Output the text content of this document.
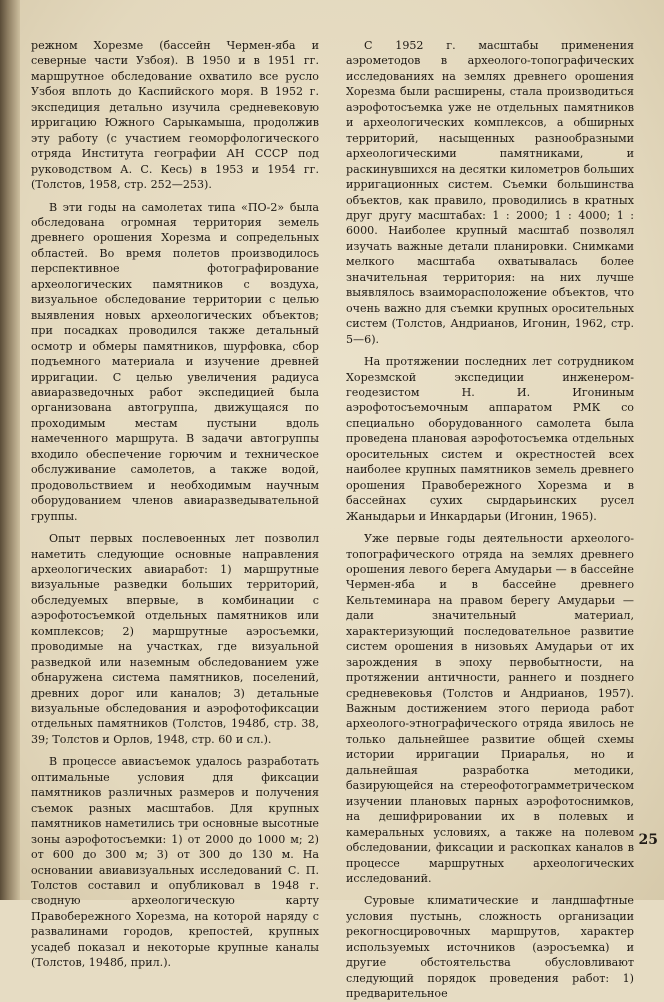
режном Хорезме (бассейн Чермен-яба и северные части Узбоя). В 1950 и в 1951 гг. маршрутное обследование охватило все русло Узбоя вплоть до Каспийского моря. В 1952 г. экспедиция детально изучила средневековую ирригацию Южного Сарыкамыша, продолжив эту работу (с участием геоморфологического отряда Института географии АН СССР под руководством А. С. Кесь) в 1953 и 1954 гг. (Толстов, 1958, стр. 252—253).

В эти годы на самолетах типа «ПО-2» была обследована огромная территория земель древнего орошения Хорезма и сопредельных областей. Во время полетов производилось перспективное фотографирование археологических памятников с воздуха, визуальное обследование территории с целью выявления новых археологических объектов; при посадках проводился также детальный осмотр и обмеры памятников, шурфовка, сбор подъемного материала и изучение древней ирригации. С целью увеличения радиуса авиаразведочных работ экспедицией была организована автогруппа, движущаяся по проходимым местам пустыни вдоль намеченного маршрута. В задачи автогруппы входило обеспечение горючим и техническое обслуживание самолетов, а также водой, продовольствием и необходимым научным оборудованием членов авиаразведывательной группы.

Опыт первых послевоенных лет позволил наметить следующие основные направления археологических авиаработ: 1) маршрутные визуальные разведки больших территорий, обследуемых впервые, в комбинации с аэрофотосъемкой отдельных памятников или комплексов; 2) маршрутные аэросъемки, проводимые на участках, где визуальной разведкой или наземным обследованием уже обнаружена система памятников, поселений, древних дорог или каналов; 3) детальные визуальные обследования и аэрофотофиксации отдельных памятников (Толстов, 1948б, стр. 38, 39; Толстов и Орлов, 1948, стр. 60 и сл.).

В процессе авиасъемок удалось разработать оптимальные условия для фиксации памятников различных размеров и получения съемок разных масштабов. Для крупных памятников наметились три основные высотные зоны аэрофотосъемки: 1) от 2000 до 1000 м; 2) от 600 до 300 м; 3) от 300 до 130 м. На основании авиавизуальных исследований С. П. Толстов составил и опубликовал в 1948 г. сводную археологическую карту Правобережного Хорезма, на которой наряду с развалинами городов, крепостей, крупных усадеб показал и некоторые крупные каналы (Толстов, 1948б, прил.).

С 1952 г. масштабы применения аэрометодов в археолого-топографических исследованиях на землях древнего орошения Хорезма были расширены, стала производиться аэрофотосъемка уже не отдельных памятников и археологических комплексов, а обширных территорий, насыщенных разнообразными археологическими памятниками, и раскинувшихся на десятки километров больших ирригационных систем. Съемки большинства объектов, как правило, проводились в кратных друг другу масштабах: 1 : 2000; 1 : 4000; 1 : 6000. Наиболее крупный масштаб позволял изучать важные детали планировки. Снимками мелкого масштаба охватывалась более значительная территория: на них лучше выявлялось взаиморасположение объектов, что очень важно для съемки крупных оросительных систем (Толстов, Андрианов, Игонин, 1962, стр. 5—6).

На протяжении последних лет сотрудником Хорезмской экспедиции инженером-геодезистом Н. И. Игониным аэрофотосъемочным аппаратом РМК со специально оборудованного самолета была проведена плановая аэрофотосъемка отдельных оросительных систем и окрестностей всех наиболее крупных памятников земель древнего орошения Правобережного Хорезма и в бассейнах сухих сырдарьинских русел Жаныдарьи и Инкардарьи (Игонин, 1965).

Уже первые годы деятельности археолого-топографического отряда на землях древнего орошения левого берега Амударьи — в бассейне Чермен-яба и в бассейне древнего Кельтеминара на правом берегу Амударьи — дали значительный материал, характеризующий последовательное развитие систем орошения в низовьях Амударьи от их зарождения в эпоху первобытности, на протяжении античности, раннего и позднего средневековья (Толстов и Андрианов, 1957). Важным достижением этого периода работ археолого-этнографического отряда явилось не только дальнейшее развитие общей схемы истории ирригации Приаралья, но и дальнейшая разработка методики, базирующейся на стереофотограмметрическом изучении плановых парных аэрофотоснимков, на дешифрировании их в полевых и камеральных условиях, а также на полевом обследовании, фиксации и раскопках каналов в процессе маршрутных археологических исследований.

Суровые климатические и ландшафтные условия пустынь, сложность организации рекогносцировочных маршрутов, характер используемых источников (аэросъемка) и другие обстоятельства обусловливают следующий порядок проведения работ: 1) предварительное

25
